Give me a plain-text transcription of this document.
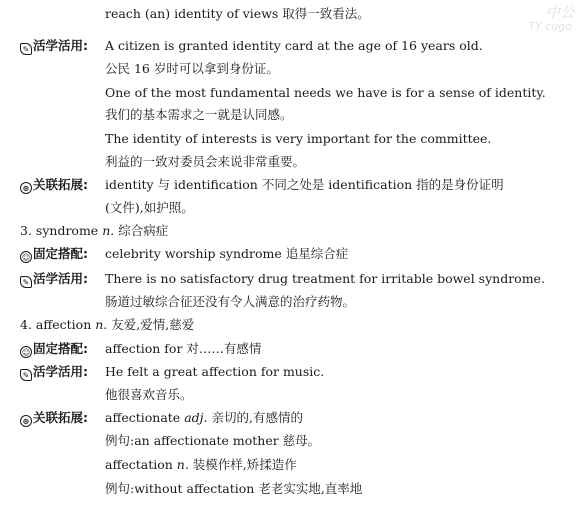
中公
TY cugo
reach (an) identity of views 取得一致看法。
✎ 活学活用: A citizen is granted identity card at the age of 16 years old.
公民 16 岁时可以拿到身份证。
One of the most fundamental needs we have is for a sense of identity.
我们的基本需求之一就是认同感。
The identity of interests is very important for the committee.
利益的一致对委员会来说非常重要。
⊛ 关联拓展: identity 与 identification 不同之处是 identification 指的是身份证明
(文件),如护照。
3. syndrome n. 综合病症
☺ 固定搭配: celebrity worship syndrome 追星综合症
✎ 活学活用: There is no satisfactory drug treatment for irritable bowel syndrome.
肠道过敏综合征还没有令人满意的治疗药物。
4. affection n. 友爱,爱情,慈爱
☺ 固定搭配: affection for 对……有感情
✎ 活学活用: He felt a great affection for music.
他很喜欢音乐。
⊛ 关联拓展: affectionate adj. 亲切的,有感情的
例句:an affectionate mother 慈母。
affectation n. 装模作样,矫揉造作
例句:without affectation 老老实实地,直率地
